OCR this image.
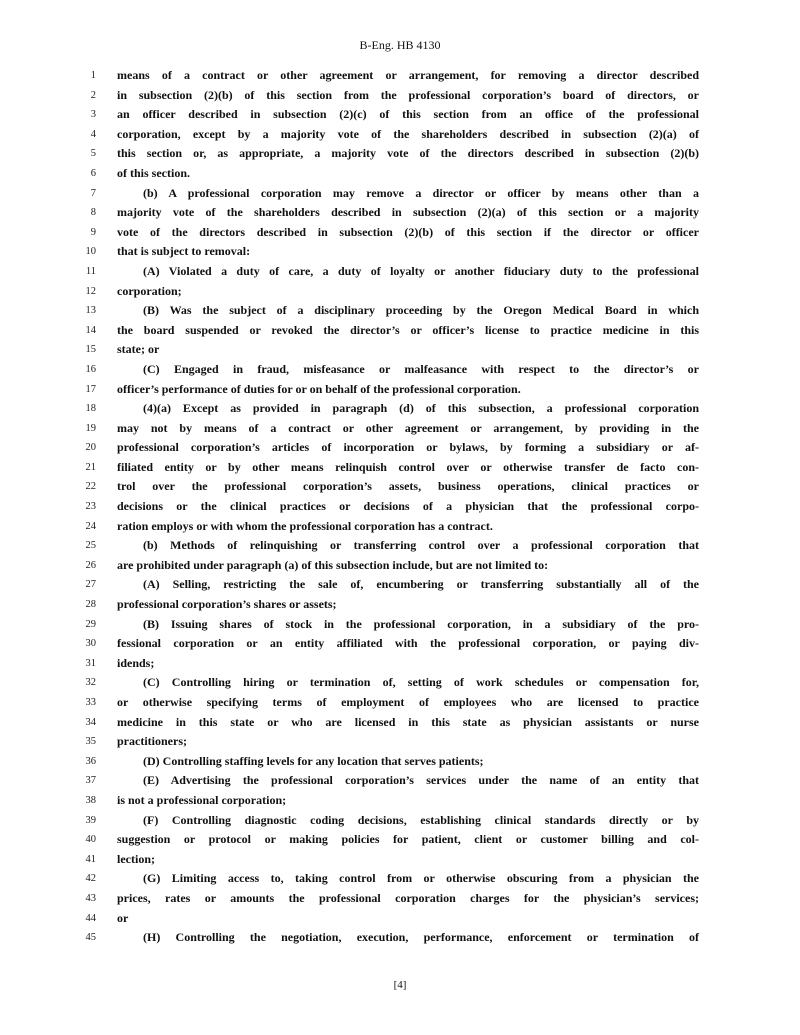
B-Eng. HB 4130
1 means of a contract or other agreement or arrangement, for removing a director described
2 in subsection (2)(b) of this section from the professional corporation’s board of directors, or
3 an officer described in subsection (2)(c) of this section from an office of the professional
4 corporation, except by a majority vote of the shareholders described in subsection (2)(a) of
5 this section or, as appropriate, a majority vote of the directors described in subsection (2)(b)
6 of this section.
7	(b) A professional corporation may remove a director or officer by means other than a
8 majority vote of the shareholders described in subsection (2)(a) of this section or a majority
9 vote of the directors described in subsection (2)(b) of this section if the director or officer
10 that is subject to removal:
11	(A) Violated a duty of care, a duty of loyalty or another fiduciary duty to the professional
12 corporation;
13	(B) Was the subject of a disciplinary proceeding by the Oregon Medical Board in which
14 the board suspended or revoked the director’s or officer’s license to practice medicine in this
15 state; or
16	(C) Engaged in fraud, misfeasance or malfeasance with respect to the director’s or
17 officer’s performance of duties for or on behalf of the professional corporation.
18	(4)(a) Except as provided in paragraph (d) of this subsection, a professional corporation
19 may not by means of a contract or other agreement or arrangement, by providing in the
20 professional corporation’s articles of incorporation or bylaws, by forming a subsidiary or af-
21 filiated entity or by other means relinquish control over or otherwise transfer de facto con-
22 trol over the professional corporation’s assets, business operations, clinical practices or
23 decisions or the clinical practices or decisions of a physician that the professional corpo-
24 ration employs or with whom the professional corporation has a contract.
25	(b) Methods of relinquishing or transferring control over a professional corporation that
26 are prohibited under paragraph (a) of this subsection include, but are not limited to:
27	(A) Selling, restricting the sale of, encumbering or transferring substantially all of the
28 professional corporation’s shares or assets;
29	(B) Issuing shares of stock in the professional corporation, in a subsidiary of the pro-
30 fessional corporation or an entity affiliated with the professional corporation, or paying div-
31 idends;
32	(C) Controlling hiring or termination of, setting of work schedules or compensation for,
33 or otherwise specifying terms of employment of employees who are licensed to practice
34 medicine in this state or who are licensed in this state as physician assistants or nurse
35 practitioners;
36	(D) Controlling staffing levels for any location that serves patients;
37	(E) Advertising the professional corporation’s services under the name of an entity that
38 is not a professional corporation;
39	(F) Controlling diagnostic coding decisions, establishing clinical standards directly or by
40 suggestion or protocol or making policies for patient, client or customer billing and col-
41 lection;
42	(G) Limiting access to, taking control from or otherwise obscuring from a physician the
43 prices, rates or amounts the professional corporation charges for the physician’s services;
44 or
45	(H) Controlling the negotiation, execution, performance, enforcement or termination of
[4]
